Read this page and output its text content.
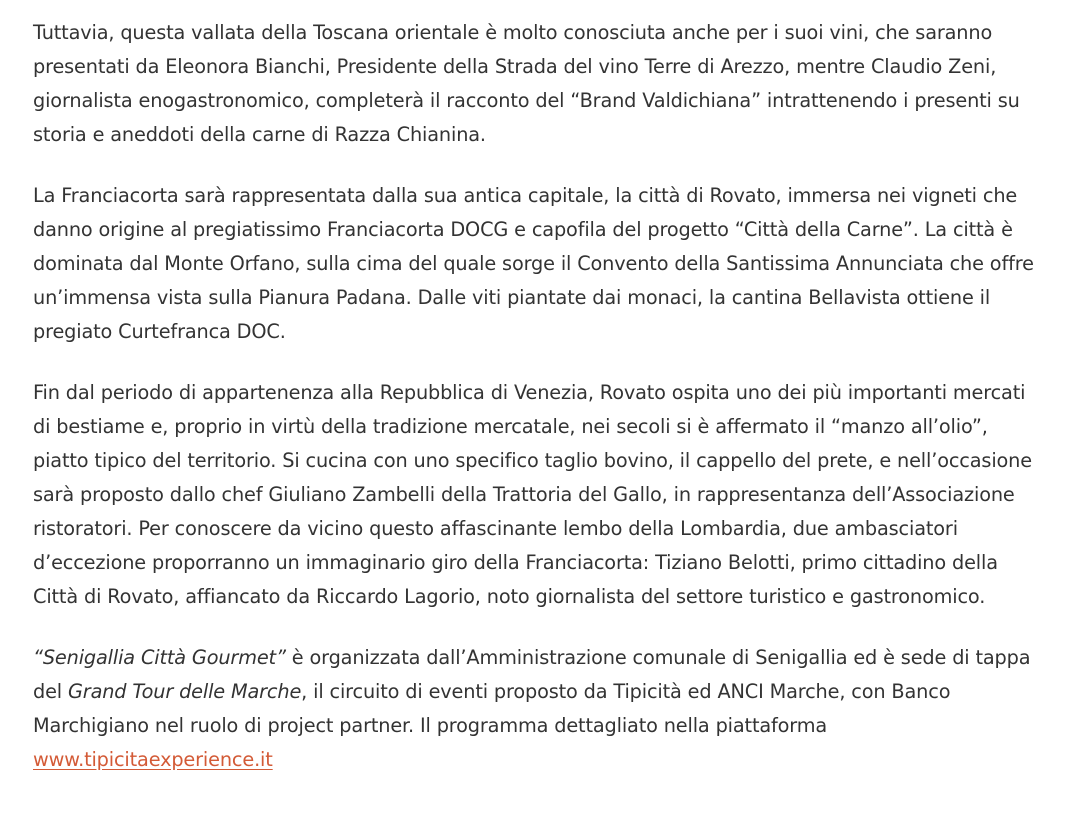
Tuttavia, questa vallata della Toscana orientale è molto conosciuta anche per i suoi vini, che saranno presentati da Eleonora Bianchi, Presidente della Strada del vino Terre di Arezzo, mentre Claudio Zeni, giornalista enogastronomico, completerà il racconto del “Brand Valdichiana” intrattenendo i presenti su storia e aneddoti della carne di Razza Chianina.

La Franciacorta sarà rappresentata dalla sua antica capitale, la città di Rovato, immersa nei vigneti che danno origine al pregiatissimo Franciacorta DOCG e capofila del progetto “Città della Carne”. La città è dominata dal Monte Orfano, sulla cima del quale sorge il Convento della Santissima Annunciata che offre un’immensa vista sulla Pianura Padana. Dalle viti piantate dai monaci, la cantina Bellavista ottiene il pregiato Curtefranca DOC.

Fin dal periodo di appartenenza alla Repubblica di Venezia, Rovato ospita uno dei più importanti mercati di bestiame e, proprio in virtù della tradizione mercatale, nei secoli si è affermato il “manzo all’olio”, piatto tipico del territorio. Si cucina con uno specifico taglio bovino, il cappello del prete, e nell’occasione sarà proposto dallo chef Giuliano Zambelli della Trattoria del Gallo, in rappresentanza dell’Associazione ristoratori. Per conoscere da vicino questo affascinante lembo della Lombardia, due ambasciatori d’eccezione proporranno un immaginario giro della Franciacorta: Tiziano Belotti, primo cittadino della Città di Rovato, affiancato da Riccardo Lagorio, noto giornalista del settore turistico e gastronomico.

“Senigallia Città Gourmet” è organizzata dall’Amministrazione comunale di Senigallia ed è sede di tappa del Grand Tour delle Marche, il circuito di eventi proposto da Tipicità ed ANCI Marche, con Banco Marchigiano nel ruolo di project partner. Il programma dettagliato nella piattaforma www.tipicitaexperience.it
